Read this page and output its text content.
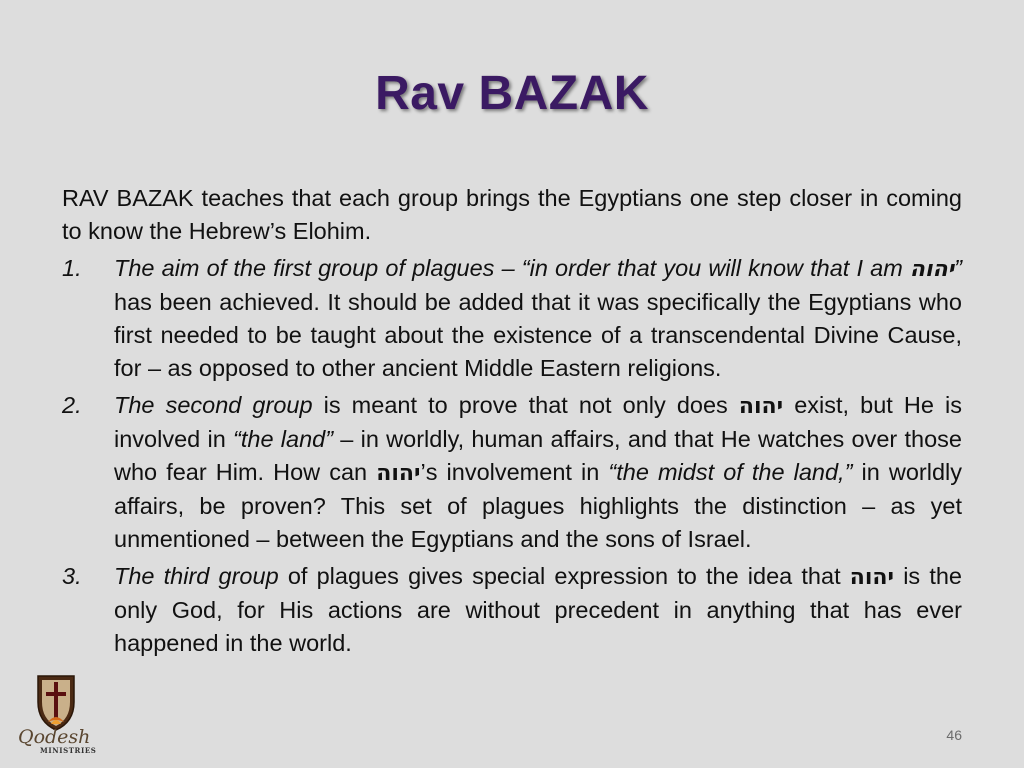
Rav BAZAK

RAV BAZAK teaches that each group brings the Egyptians one step closer in coming to know the Hebrew’s Elohim.

1. The aim of the first group of plagues – “in order that you will know that I am יהוה” has been achieved. It should be added that it was specifically the Egyptians who first needed to be taught about the existence of a transcendental Divine Cause, for – as opposed to other ancient Middle Eastern religions.
2. The second group is meant to prove that not only does יהוה exist, but He is involved in “the land” – in worldly, human affairs, and that He watches over those who fear Him. How can יהוה’s involvement in “the midst of the land,” in worldly affairs, be proven? This set of plagues highlights the distinction – as yet unmentioned – between the Egyptians and the sons of Israel.
3. The third group of plagues gives special expression to the idea that יהוה is the only God, for His actions are without precedent in anything that has ever happened in the world.
Qodesh
MINISTRIES
46
